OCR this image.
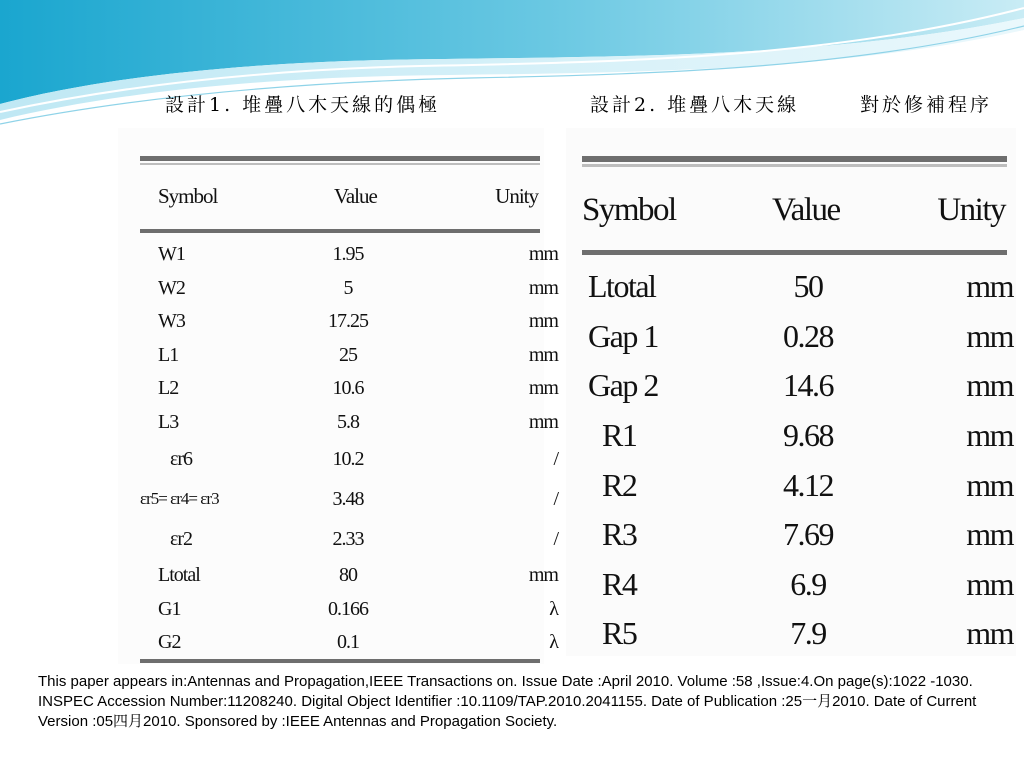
設計1. 堆疊八木天線的偶極	設計2. 堆疊八木天線	對於修補程序
Symbol	Value	Unity
W1	1.95	mm
W2	5	mm
W3	17.25	mm
L1	25	mm
L2	10.6	mm
L3	5.8	mm
εr6	10.2	/
εr5= εr4= εr3	3.48	/
εr2	2.33	/
Ltotal	80	mm
G1	0.166	λ
G2	0.1	λ
Symbol	Value	Unity
Ltotal	50	mm
Gap 1	0.28	mm
Gap 2	14.6	mm
R1	9.68	mm
R2	4.12	mm
R3	7.69	mm
R4	6.9	mm
R5	7.9	mm
This paper appears in:Antennas and Propagation,IEEE Transactions on. Issue Date :April 2010. Volume :58 ,Issue:4.On page(s):1022 -1030. INSPEC Accession Number:11208240. Digital Object Identifier :10.1109/TAP.2010.2041155. Date of Publication :25一月2010. Date of Current Version :05四月2010. Sponsored by :IEEE Antennas and Propagation Society.
